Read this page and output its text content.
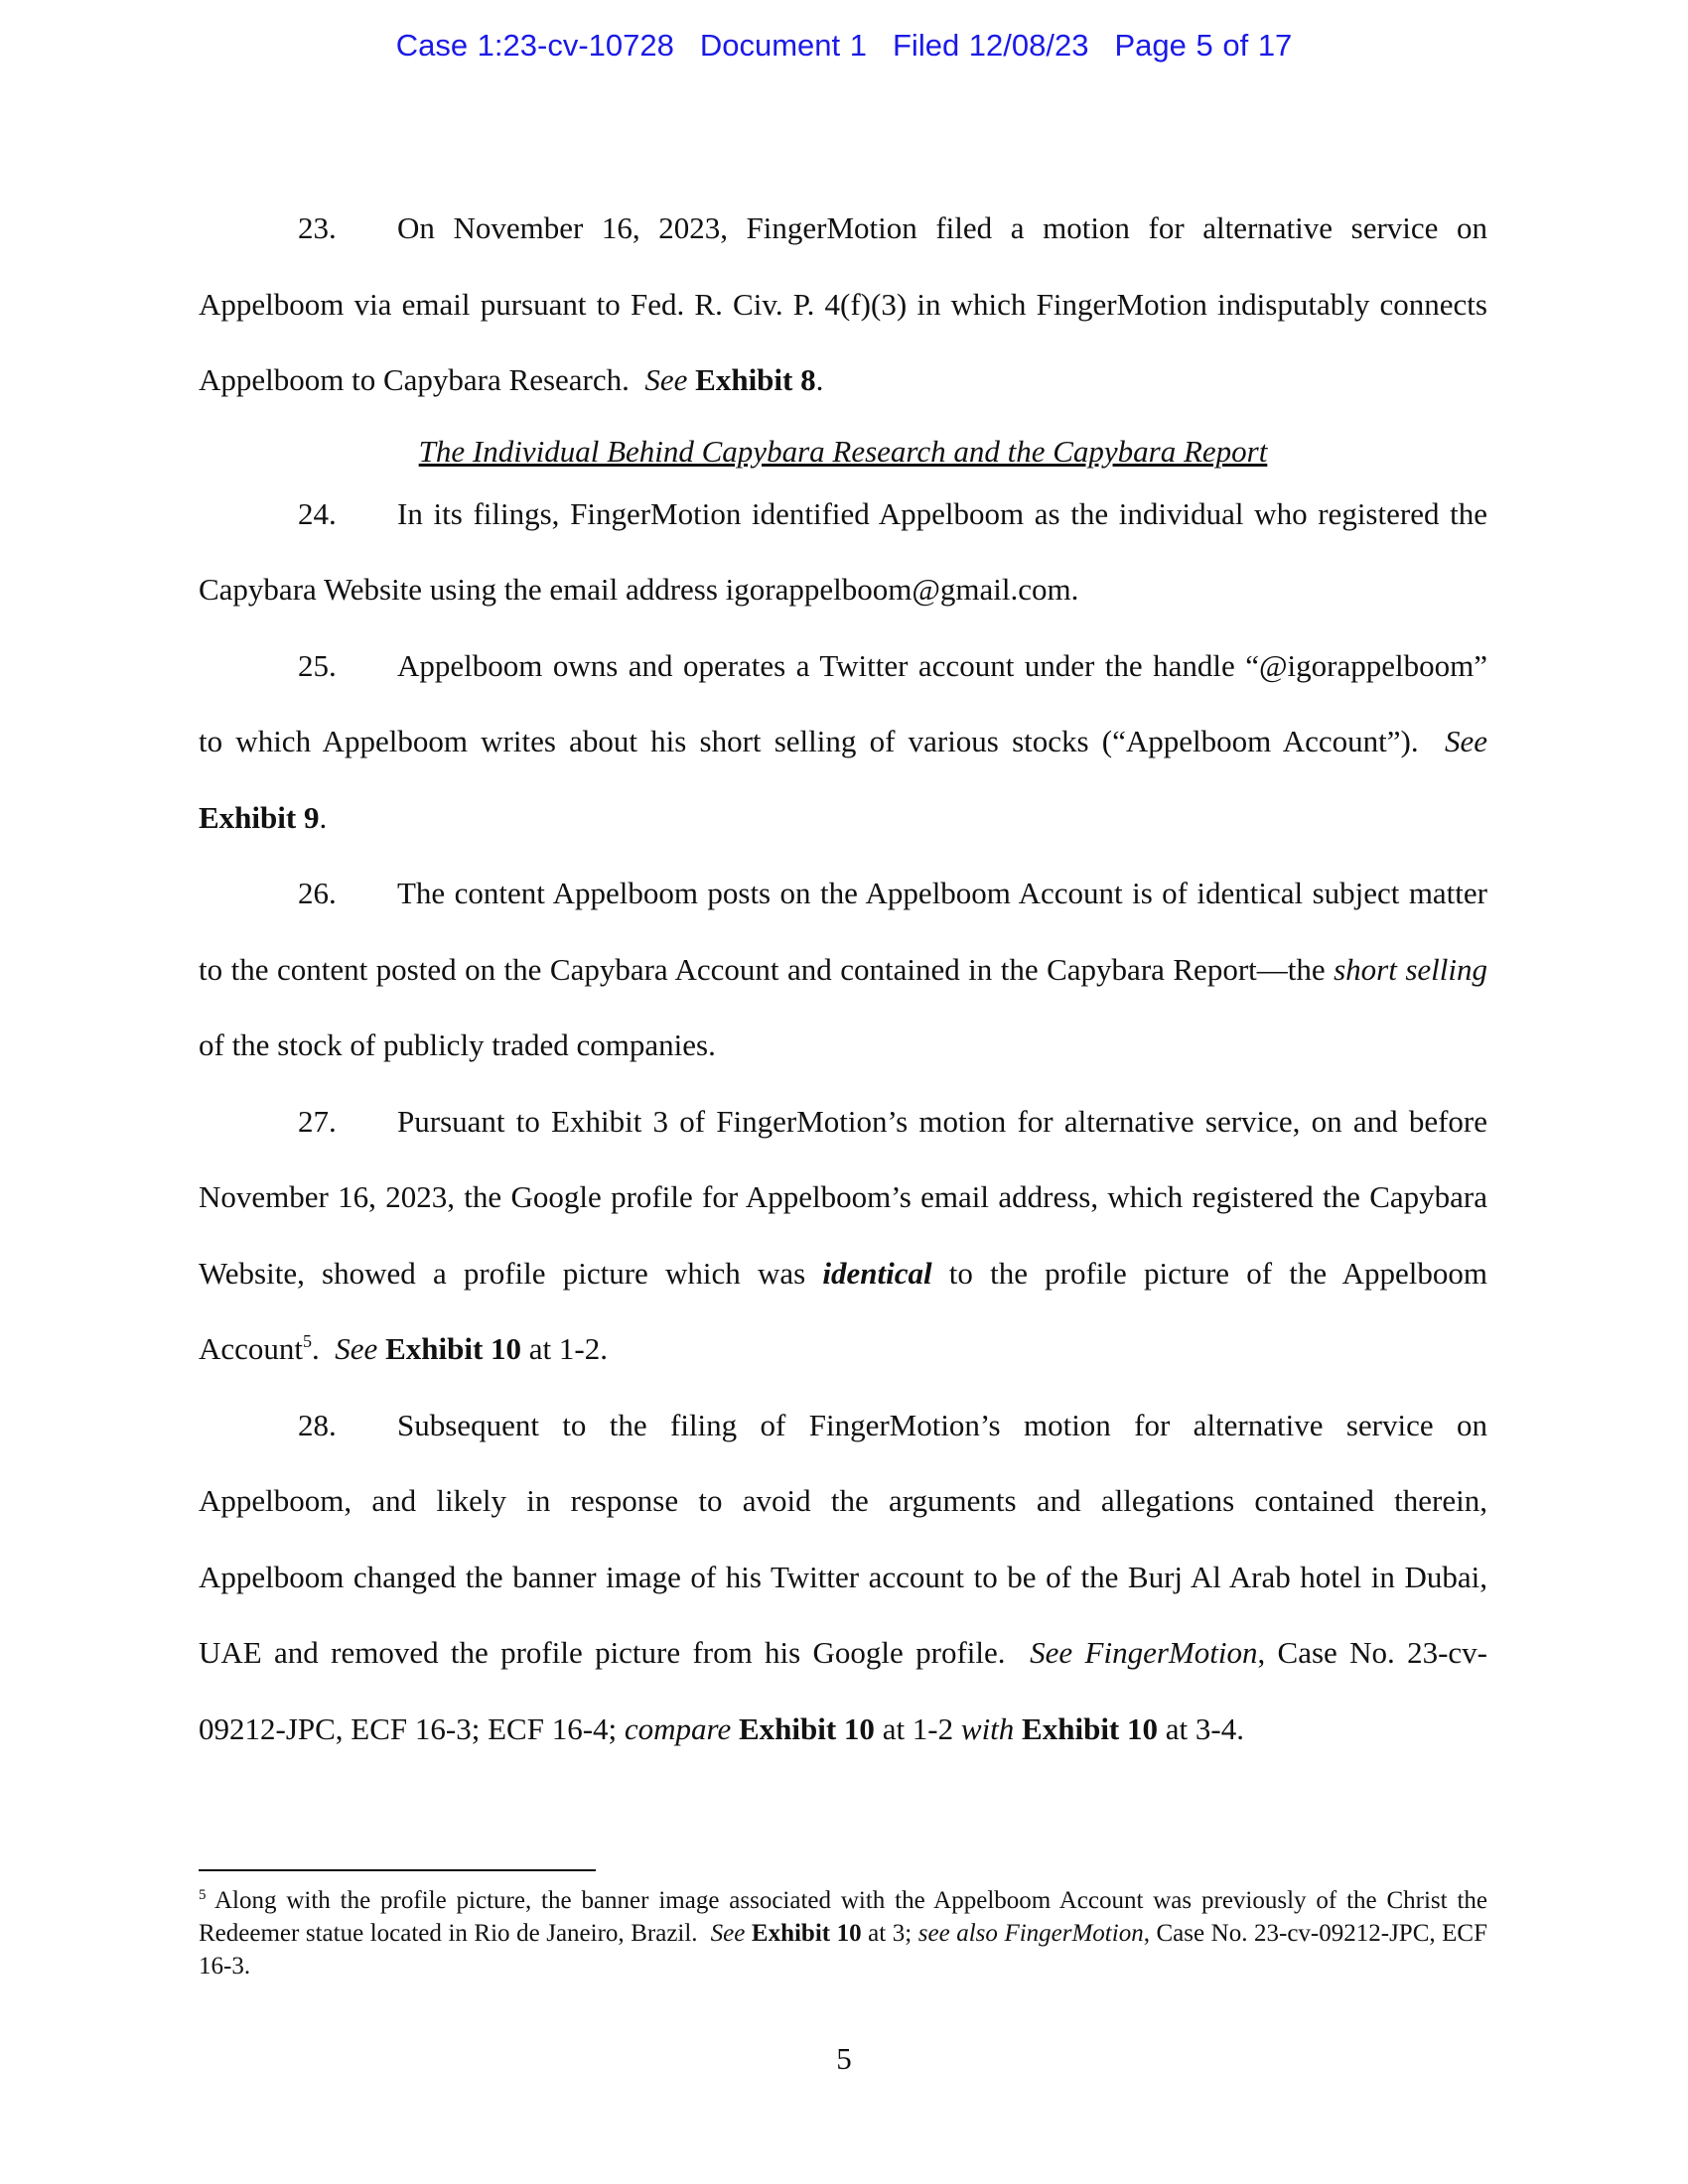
Case 1:23-cv-10728 Document 1 Filed 12/08/23 Page 5 of 17

23. On November 16, 2023, FingerMotion filed a motion for alternative service on Appelboom via email pursuant to Fed. R. Civ. P. 4(f)(3) in which FingerMotion indisputably connects Appelboom to Capybara Research.  See Exhibit 8.

The Individual Behind Capybara Research and the Capybara Report

24. In its filings, FingerMotion identified Appelboom as the individual who registered the Capybara Website using the email address igorappelboom@gmail.com.

25. Appelboom owns and operates a Twitter account under the handle “@igorappelboom” to which Appelboom writes about his short selling of various stocks (“Appelboom Account”).  See Exhibit 9.

26. The content Appelboom posts on the Appelboom Account is of identical subject matter to the content posted on the Capybara Account and contained in the Capybara Report—the short selling of the stock of publicly traded companies.

27. Pursuant to Exhibit 3 of FingerMotion’s motion for alternative service, on and before November 16, 2023, the Google profile for Appelboom’s email address, which registered the Capybara Website, showed a profile picture which was identical to the profile picture of the Appelboom Account$^5$.  See Exhibit 10 at 1-2.

28. Subsequent to the filing of FingerMotion’s motion for alternative service on Appelboom, and likely in response to avoid the arguments and allegations contained therein, Appelboom changed the banner image of his Twitter account to be of the Burj Al Arab hotel in Dubai, UAE and removed the profile picture from his Google profile.  See FingerMotion, Case No. 23-cv-09212-JPC, ECF 16-3; ECF 16-4; compare Exhibit 10 at 1-2 with Exhibit 10 at 3-4.

$^5$ Along with the profile picture, the banner image associated with the Appelboom Account was previously of the Christ the Redeemer statue located in Rio de Janeiro, Brazil.  See Exhibit 10 at 3; see also FingerMotion, Case No. 23-cv-09212-JPC, ECF 16-3.
5
